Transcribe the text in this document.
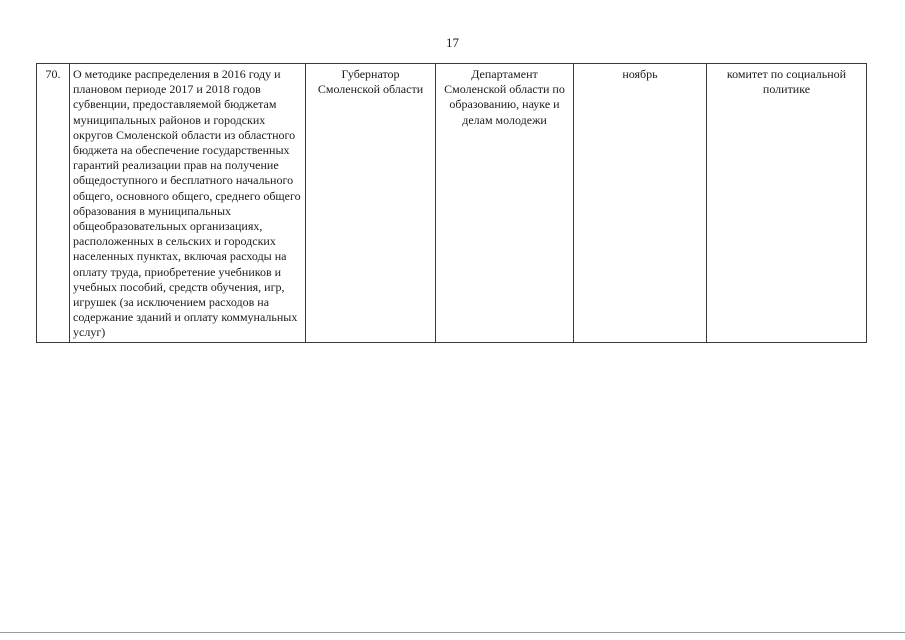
17
70.	О методике распределения в 2016 году и плановом периоде 2017 и 2018 годов субвенции, предоставляемой бюджетам муниципальных районов и городских округов Смоленской области из областного бюджета на обеспечение государственных гарантий реализации прав на получение общедоступного и бесплатного начального общего, основного общего, среднего общего образования в муниципальных общеобразовательных организациях, расположенных в сельских и городских населенных пунктах, включая расходы на оплату труда, приобретение учебников и учебных пособий, средств обучения, игр, игрушек (за исключением расходов на содержание зданий и оплату коммунальных услуг)	Губернатор Смоленской области	Департамент Смоленской области по образованию, науке и делам молодежи	ноябрь	комитет по социальной политике
